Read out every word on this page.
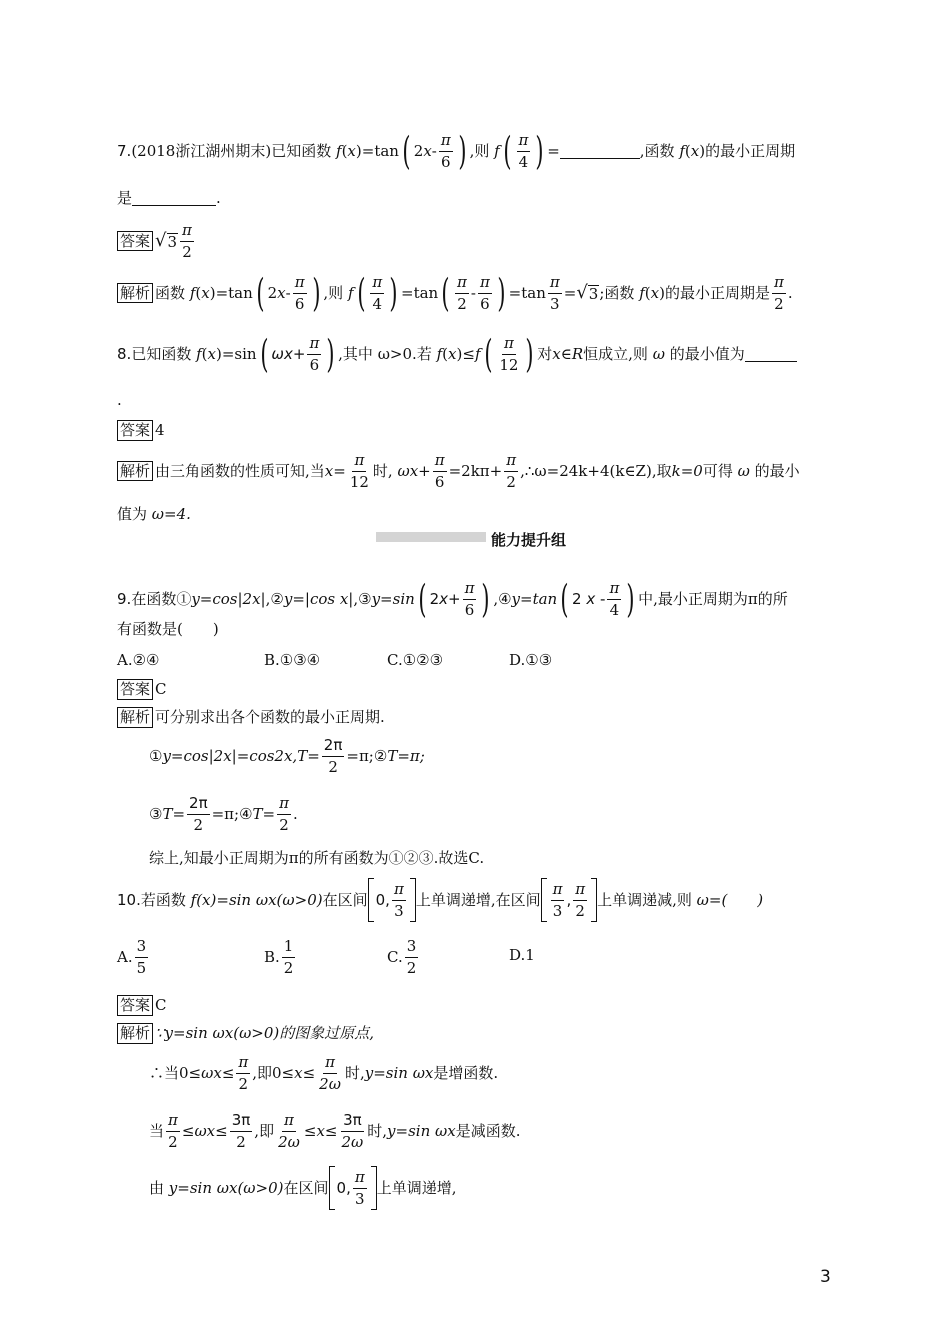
7. (2018浙江湖州期末) 已知函数
f ( x ) =tan ( 2 x - $\frac{\pi}{6}$ ) ,则
f ( $\frac{\pi}{4}$ ) =	,函数
f ( x ) 的最小正周期
是	.
答案 √ $3 \frac{\pi}{2}$
解析 函数
f ( x ) =tan ( 2 x - $\frac{\pi}{6}$ ) ,则
f ( $\frac{\pi}{4}$ ) =tan ( $\frac{\pi}{2} - \frac{\pi}{6}$ ) $=\tan \frac{\pi}{3}$ = √ 3 ;函数
f ( x ) 的最小正周期是 $\frac{\pi}{2}$ .
8. 已知函数
f ( x ) =sin ( $\omega x + \frac{\pi}{6}$ ) ,其中
ω>0.若
f ( x ) ≤ f ( $\frac{\pi}{12}$ ) 对 x∈R 恒成立,则
ω
的最小值为
.
答案 4
解析 由三角函数的性质可知,当 $x= \frac{\pi}{12}$ 时,
$\omega x+ \frac{\pi}{6} =2k\pi+ \frac{\pi}{2}$ ,∴ ω=24k+4(k∈Z) ,取 k=0 可得
ω
的最小
值为
ω=4.
能力提升组
9. 在函数① y=cos|2x| ,② y=|cos x| ,③ y=sin ( 2 $x + \frac{\pi}{6}$ ) ,④ y=tan ( 2
x
- $\frac{\pi}{4}$ ) 中,最小正周期为π的所
有函数是(　　)
A.②④	B.①③④	C.①②③	D.①③
答案 C
解析 可分别求出各个函数的最小正周期.
① y=cos|2x|=cos2x, $T= \frac{2\pi}{2}$ =π;② T=π;
③ $T= \frac{2\pi}{2}$ =π;④ $T= \frac{\pi}{2}$ .
综上,知最小正周期为π的所有函数为①②③.故选C.
10. 若函数
f(x)=sin ωx(ω>0) 在区间 0 , $\frac{\pi}{3}$ 上单调递增,在区间 $\frac{\pi}{3}$ , $\frac{\pi}{2}$ 上单调递减,则
ω=(　　)
A. $\frac{3}{5}$	B. $\frac{1}{2}$	C. $\frac{3}{2}$	D.1
答案 C
解析 ∵y=sin ωx(ω>0)的图象过原点,
∴当$0\le \omega x\le \frac{\pi}{2}$ ,即$0\le x\le \frac{\pi}{2\omega}$ 时, y=sin ωx 是增函数.
当 $\frac{\pi}{2} \le \omega x\le \frac{3\pi}{2}$ ,即 $\frac{\pi}{2\omega} \le x\le \frac{3\pi}{2\omega}$ 时, y=sin ωx 是减函数.
由
y=sin ωx(ω>0) 在区间 0 , $\frac{\pi}{3}$ 上单调递增,
3
